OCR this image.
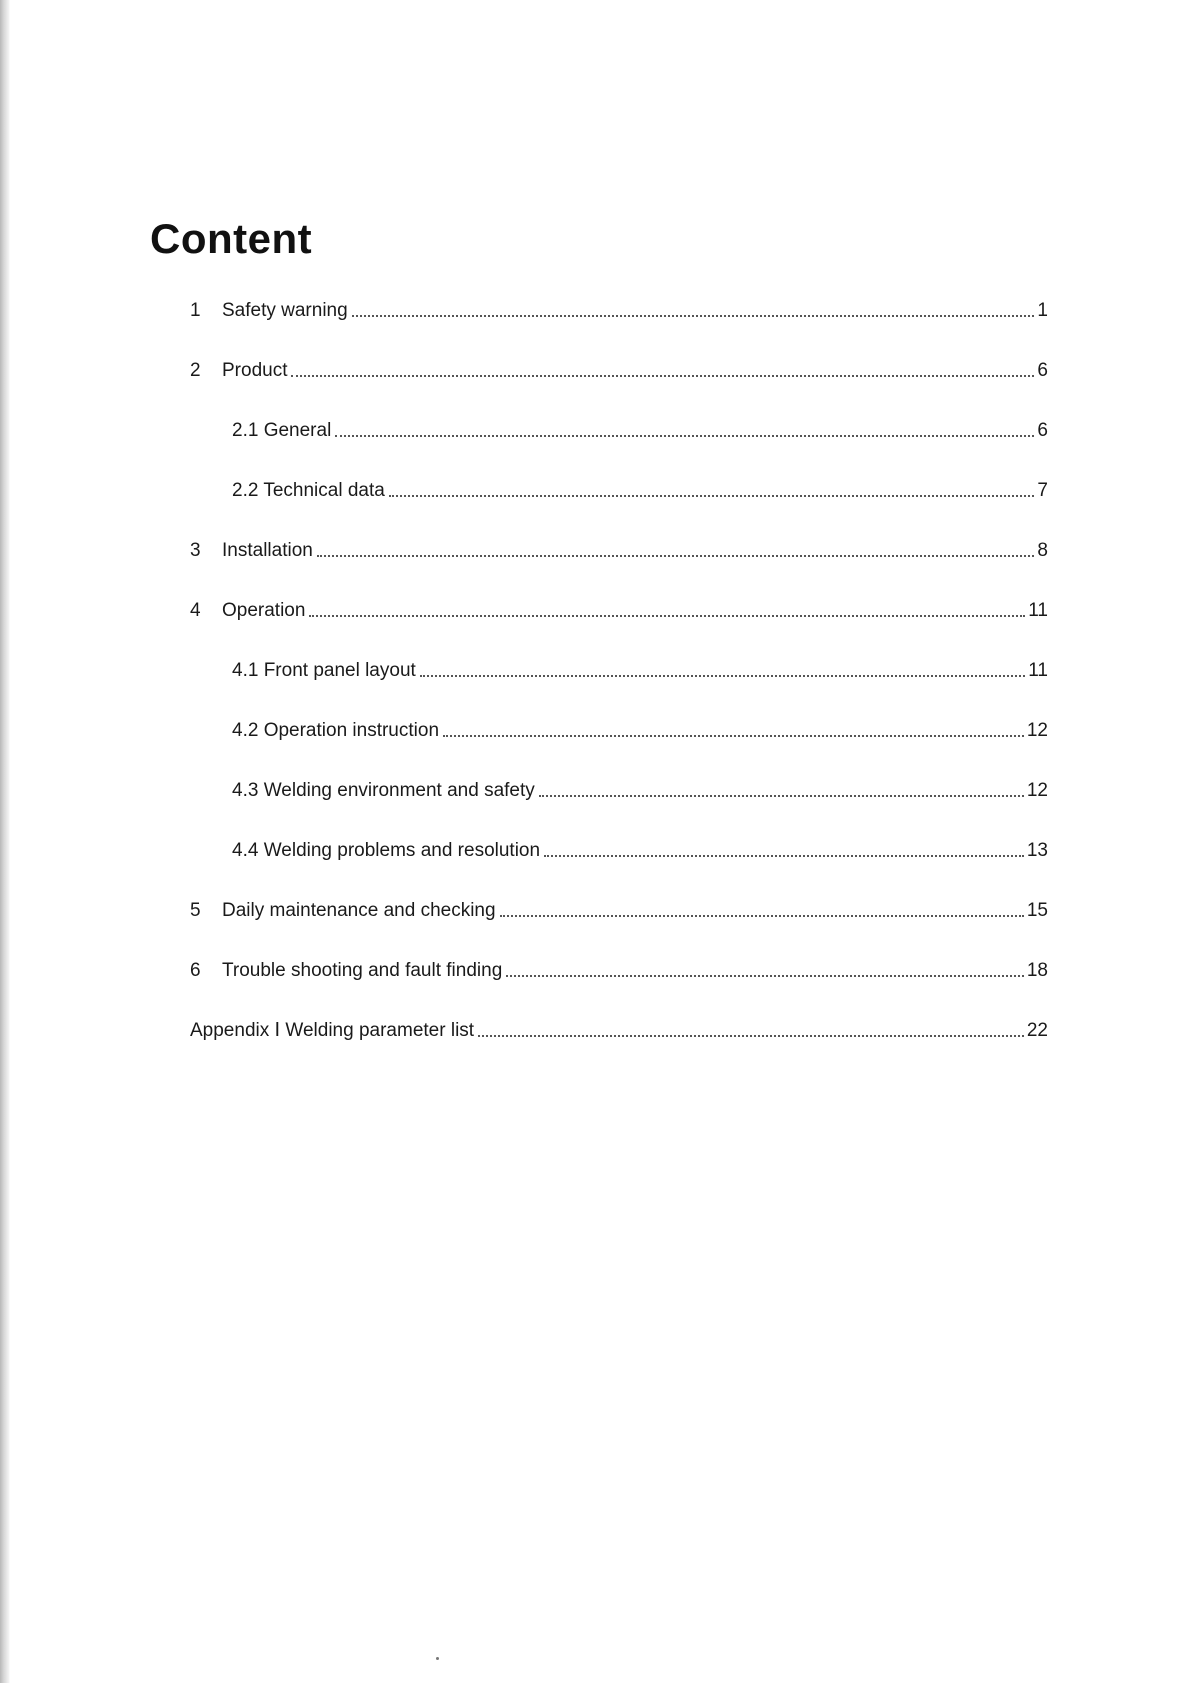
Content
1	Safety warning	1
2	Product	6
2.1 General	6
2.2 Technical data	7
3	Installation	8
4	Operation	11
4.1 Front panel layout	11
4.2 Operation instruction	12
4.3 Welding environment and safety	12
4.4 Welding problems and resolution	13
5	Daily maintenance and checking	15
6	Trouble shooting and fault finding	18
Appendix Ⅰ Welding parameter list	22
